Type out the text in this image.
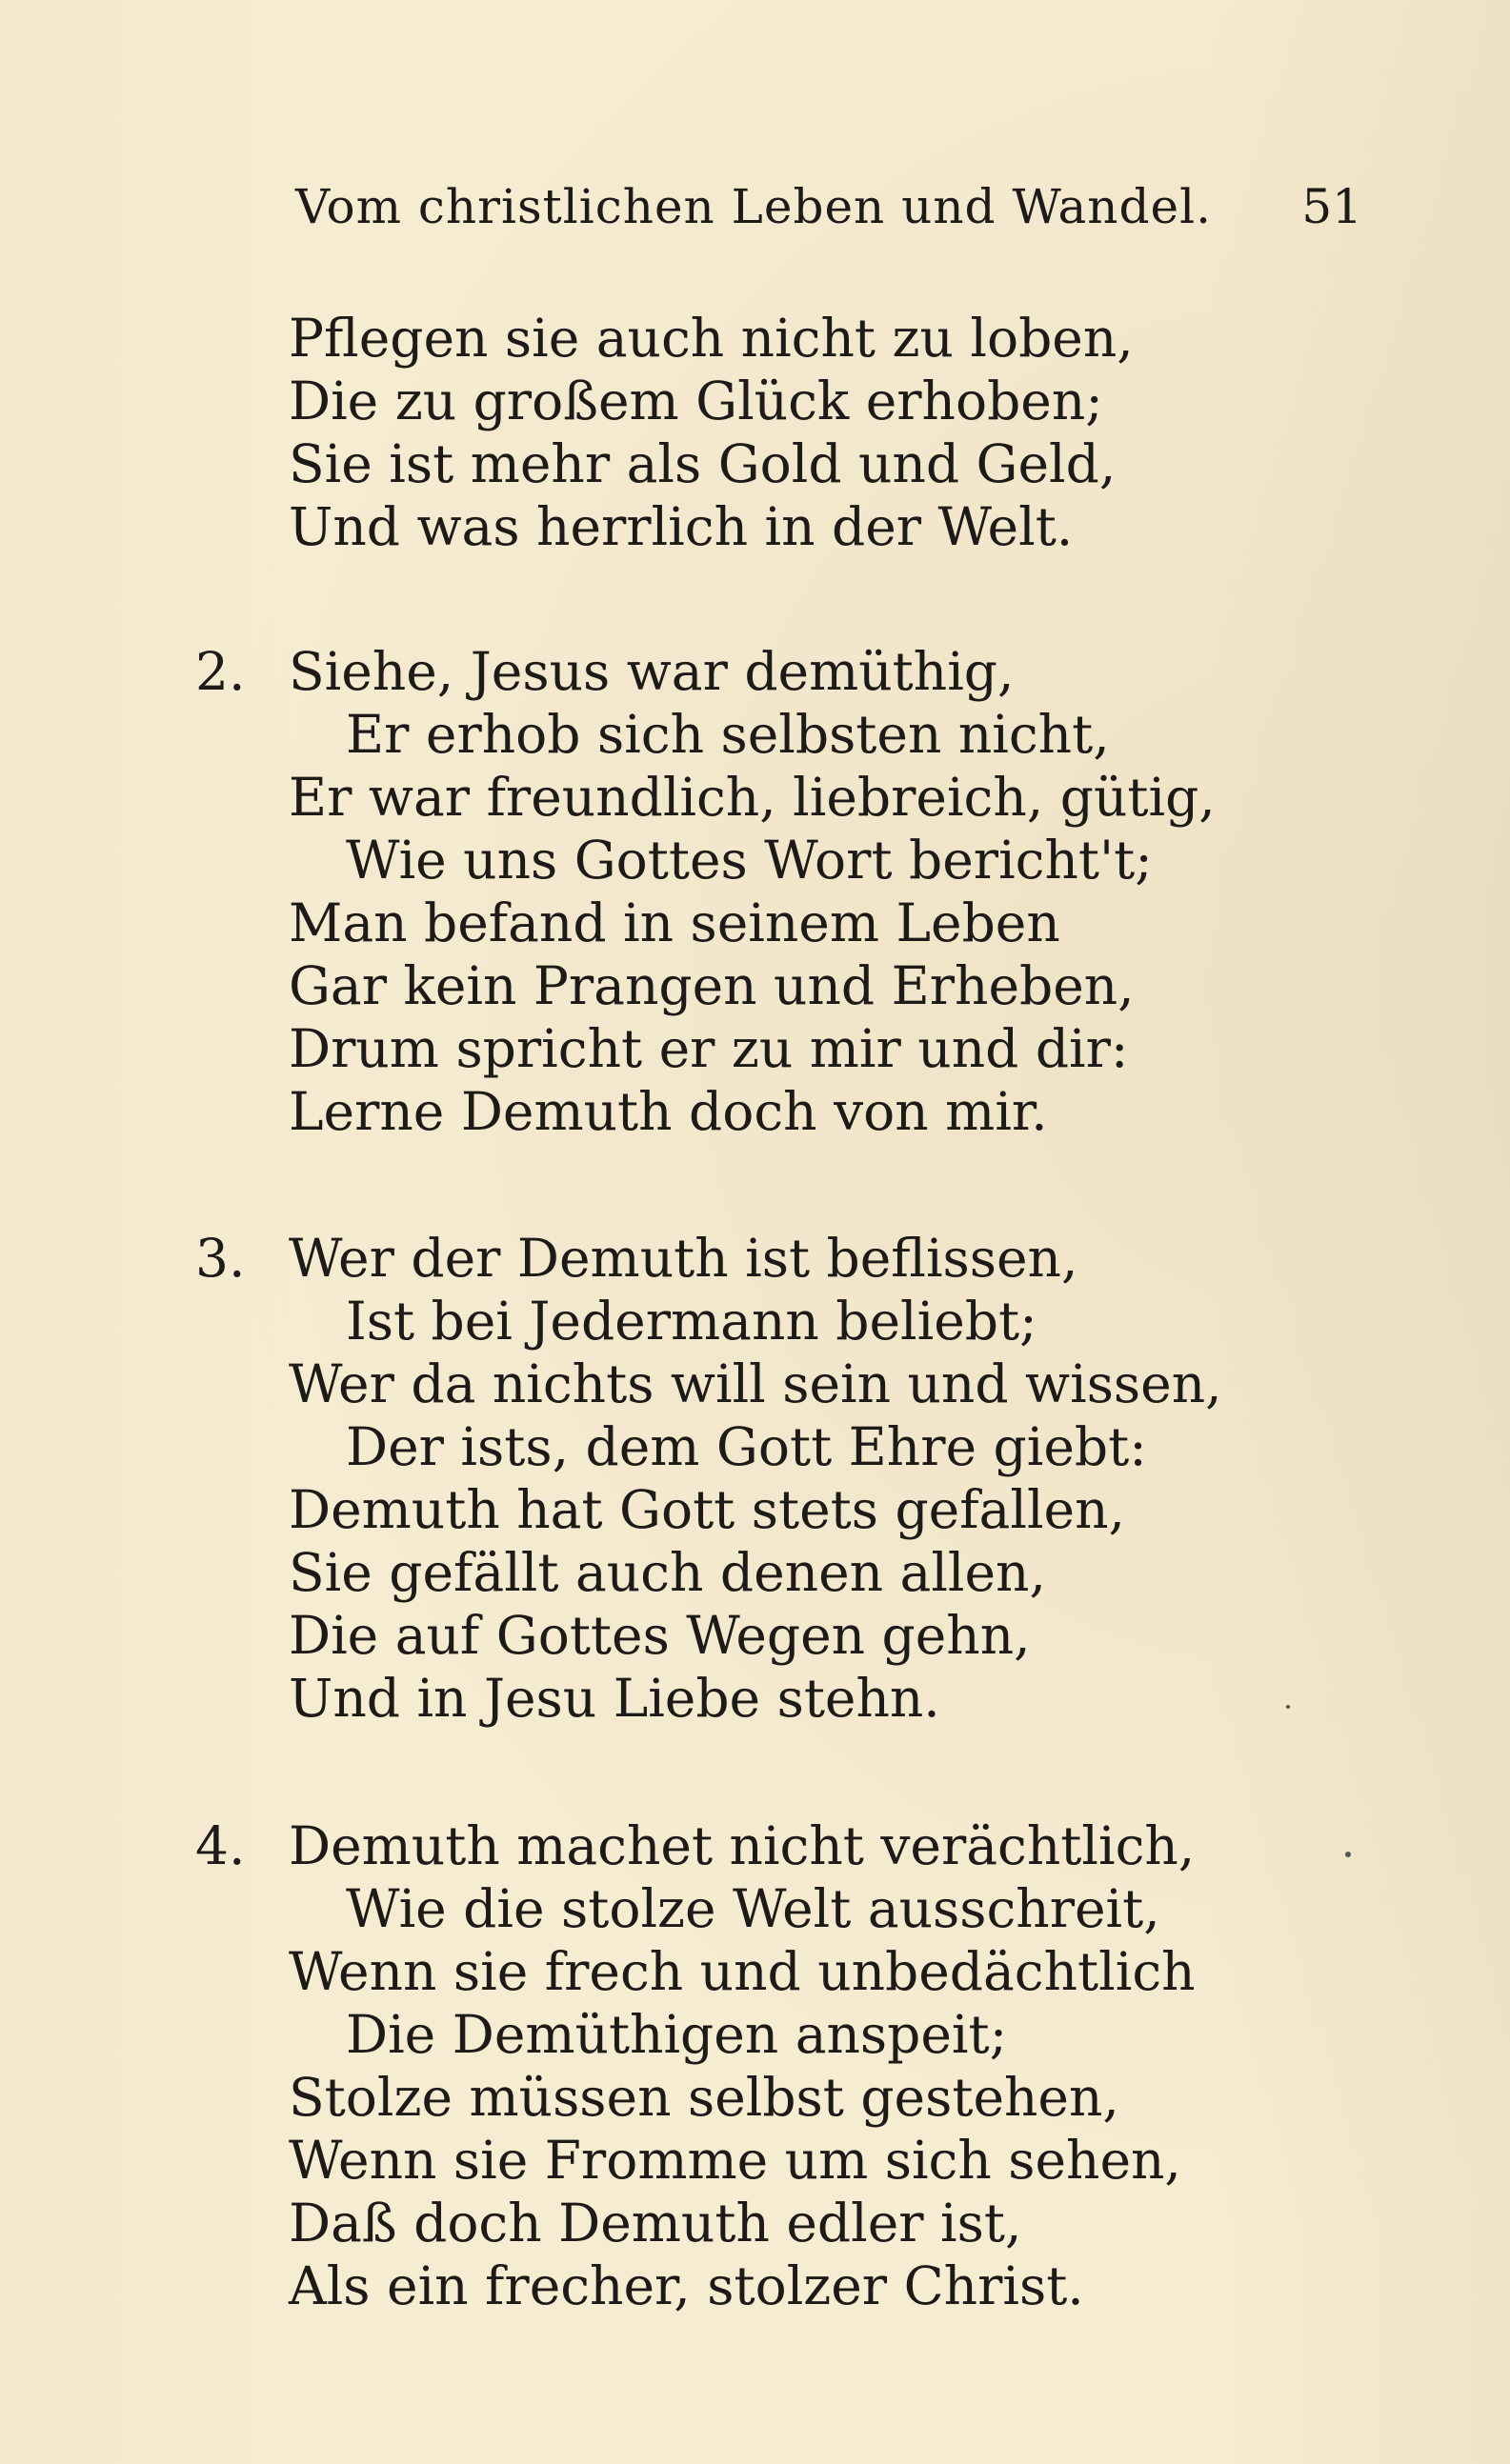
Vom christlichen Leben und Wandel. 51
Pflegen sie auch nicht zu loben,
Die zu großem Glück erhoben;
Sie ist mehr als Gold und Geld,
Und was herrlich in der Welt.
2. Siehe, Jesus war demüthig,
Er erhob sich selbsten nicht,
Er war freundlich, liebreich, gütig,
Wie uns Gottes Wort bericht't;
Man befand in seinem Leben
Gar kein Prangen und Erheben,
Drum spricht er zu mir und dir:
Lerne Demuth doch von mir.
3. Wer der Demuth ist beflissen,
Ist bei Jedermann beliebt;
Wer da nichts will sein und wissen,
Der ists, dem Gott Ehre giebt:
Demuth hat Gott stets gefallen,
Sie gefällt auch denen allen,
Die auf Gottes Wegen gehn,
Und in Jesu Liebe stehn.
4. Demuth machet nicht verächtlich,
Wie die stolze Welt ausschreit,
Wenn sie frech und unbedächtlich
Die Demüthigen anspeit;
Stolze müssen selbst gestehen,
Wenn sie Fromme um sich sehen,
Daß doch Demuth edler ist,
Als ein frecher, stolzer Christ.
